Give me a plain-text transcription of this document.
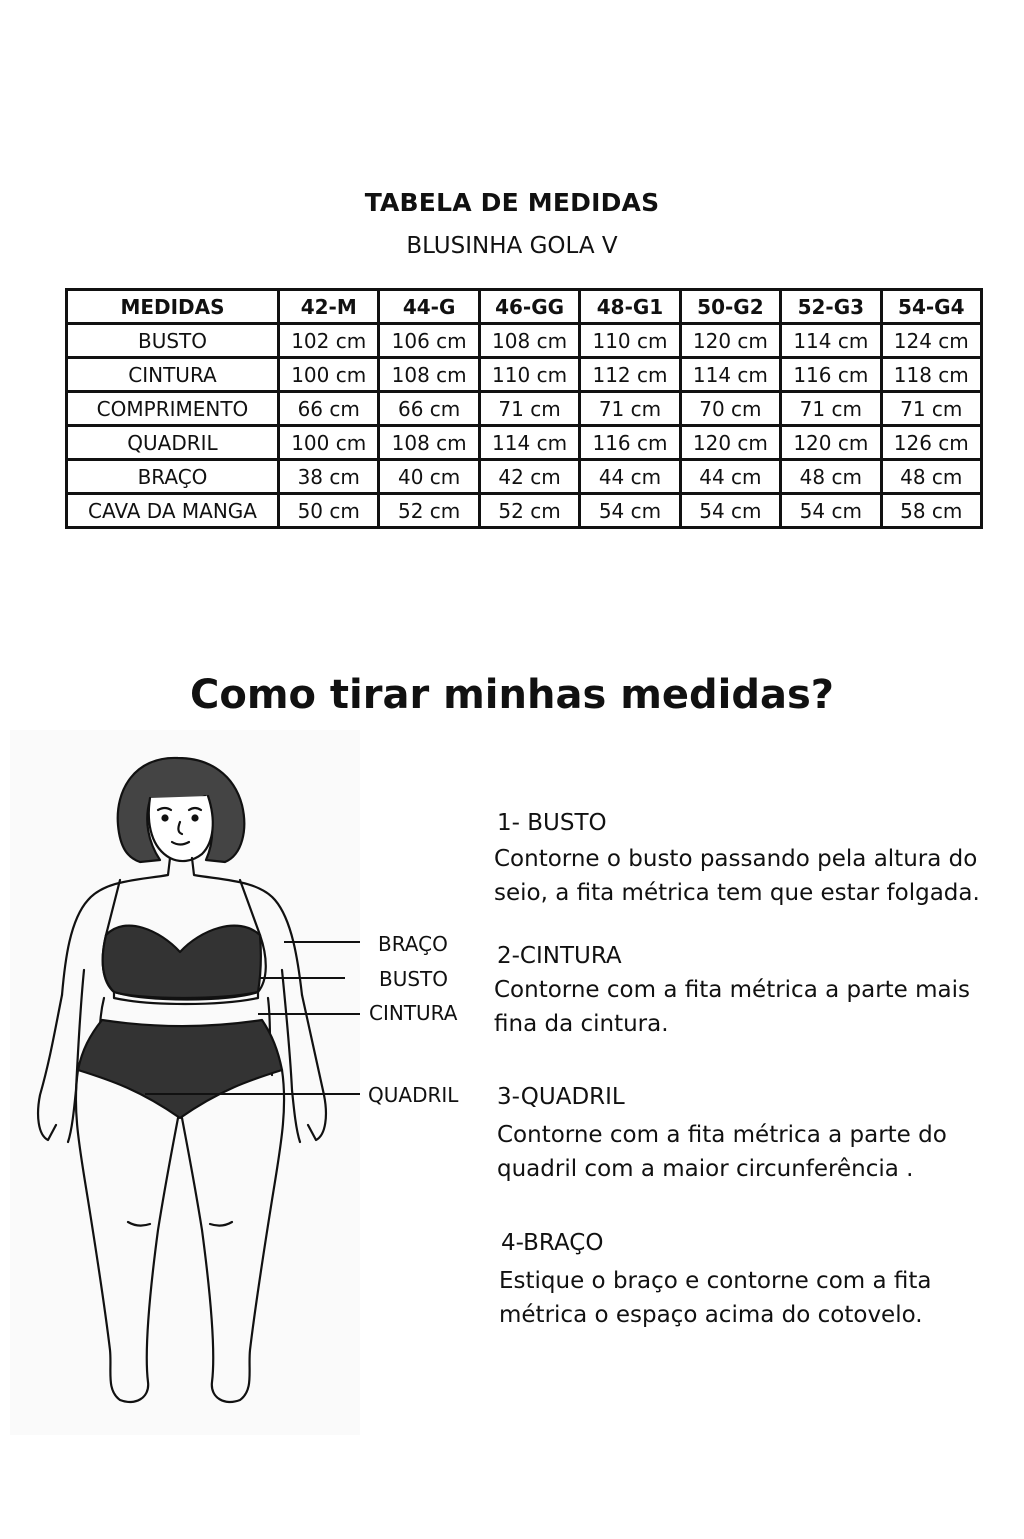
TABELA DE MEDIDAS
BLUSINHA GOLA V
MEDIDAS	42-M	44-G	46-GG	48-G1	50-G2	52-G3	54-G4
BUSTO	102 cm	106 cm	108 cm	110 cm	120 cm	114 cm	124 cm
CINTURA	100 cm	108 cm	110 cm	112 cm	114 cm	116 cm	118 cm
COMPRIMENTO	66 cm	66 cm	71 cm	71 cm	70 cm	71 cm	71 cm
QUADRIL	100 cm	108 cm	114 cm	116 cm	120 cm	120 cm	126 cm
BRAÇO	38 cm	40 cm	42 cm	44 cm	44 cm	48 cm	48 cm
CAVA DA MANGA	50 cm	52 cm	52 cm	54 cm	54 cm	54 cm	58 cm
Como tirar minhas medidas?
BRAÇO
BUSTO
CINTURA
QUADRIL
1- BUSTO
Contorne o busto passando pela altura do
seio, a fita métrica tem que estar folgada.
2-CINTURA
Contorne com a fita métrica a parte mais
fina da cintura.
3-QUADRIL
Contorne com a fita métrica a parte do
quadril com a maior circunferência .
4-BRAÇO
Estique o braço e contorne com a fita
métrica o espaço acima do cotovelo.
